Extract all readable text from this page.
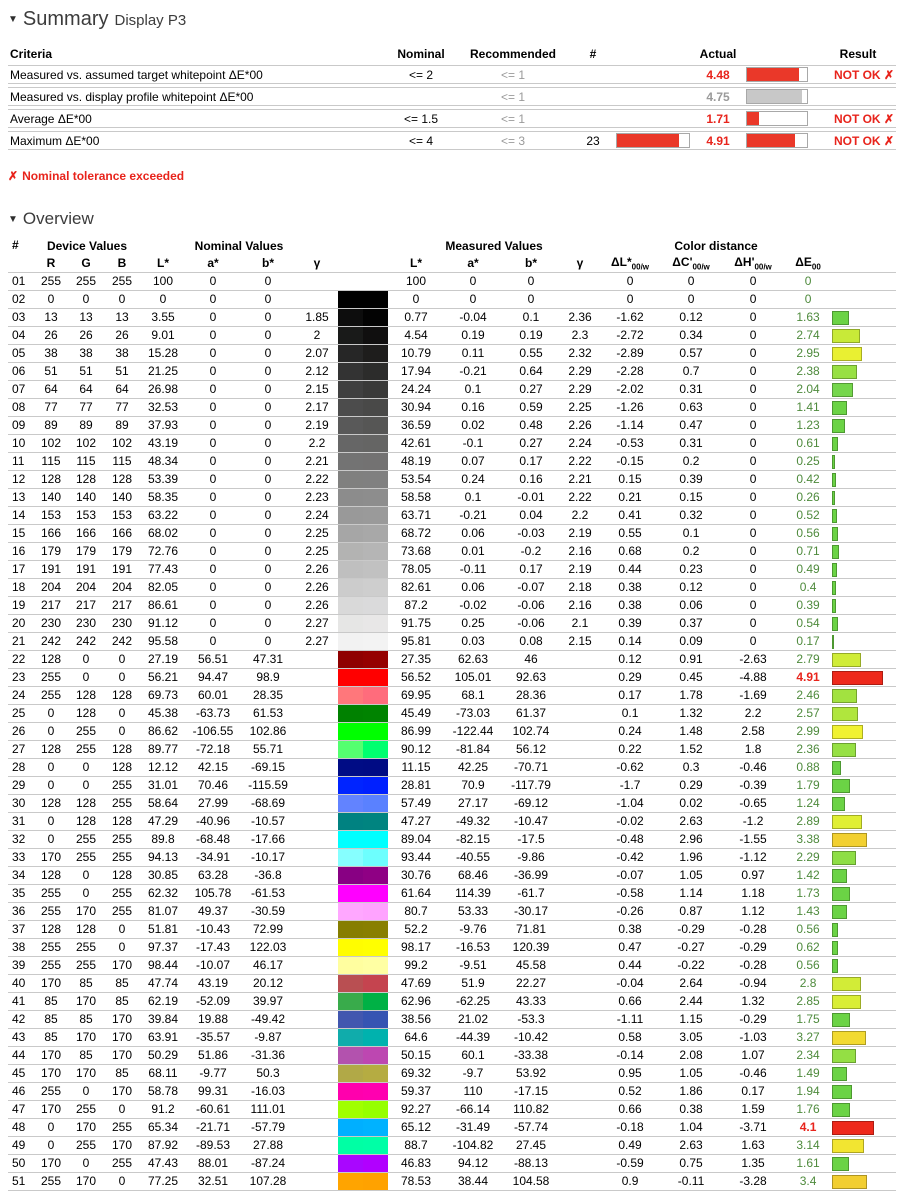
▼ Summary Display P3
Criteria	Nominal	Recommended	#		Actual		Result
Measured vs. assumed target whitepoint ΔE*00	<= 2	<= 1			4.48		NOT OK ✗
Measured vs. display profile whitepoint ΔE*00		<= 1			4.75	

Average ΔE*00	<= 1.5	<= 1			1.71		NOT OK ✗
Maximum ΔE*00	<= 4	<= 3	23		4.91		NOT OK ✗

✗ Nominal tolerance exceeded

▼ Overview
#	Device Values			Nominal Values					Measured Values				Color distance				
	R	G	B	L*	a*	b*	γ		L*	a*	b*	γ	$\Delta L*_{00/w}$	$\Delta C'_{00/w}$	$\Delta H'_{00/w}$	$\Delta E_{00}$	
01	255	255	255	100	0	0			100	0	0		0	0	0	0	
02	0	0	0	0	0	0			0	0	0		0	0	0	0	
03	13	13	13	3.55	0	0	1.85		0.77	-0.04	0.1	2.36	-1.62	0.12	0	1.63	

04	26	26	26	9.01	0	0	2		4.54	0.19	0.19	2.3	-2.72	0.34	0	2.74	

05	38	38	38	15.28	0	0	2.07		10.79	0.11	0.55	2.32	-2.89	0.57	0	2.95	

06	51	51	51	21.25	0	0	2.12		17.94	-0.21	0.64	2.29	-2.28	0.7	0	2.38	

07	64	64	64	26.98	0	0	2.15		24.24	0.1	0.27	2.29	-2.02	0.31	0	2.04	

08	77	77	77	32.53	0	0	2.17		30.94	0.16	0.59	2.25	-1.26	0.63	0	1.41	

09	89	89	89	37.93	0	0	2.19		36.59	0.02	0.48	2.26	-1.14	0.47	0	1.23	

10	102	102	102	43.19	0	0	2.2		42.61	-0.1	0.27	2.24	-0.53	0.31	0	0.61	

11	115	115	115	48.34	0	0	2.21		48.19	0.07	0.17	2.22	-0.15	0.2	0	0.25	

12	128	128	128	53.39	0	0	2.22		53.54	0.24	0.16	2.21	0.15	0.39	0	0.42	

13	140	140	140	58.35	0	0	2.23		58.58	0.1	-0.01	2.22	0.21	0.15	0	0.26	

14	153	153	153	63.22	0	0	2.24		63.71	-0.21	0.04	2.2	0.41	0.32	0	0.52	

15	166	166	166	68.02	0	0	2.25		68.72	0.06	-0.03	2.19	0.55	0.1	0	0.56	

16	179	179	179	72.76	0	0	2.25		73.68	0.01	-0.2	2.16	0.68	0.2	0	0.71	

17	191	191	191	77.43	0	0	2.26		78.05	-0.11	0.17	2.19	0.44	0.23	0	0.49	

18	204	204	204	82.05	0	0	2.26		82.61	0.06	-0.07	2.18	0.38	0.12	0	0.4	

19	217	217	217	86.61	0	0	2.26		87.2	-0.02	-0.06	2.16	0.38	0.06	0	0.39	

20	230	230	230	91.12	0	0	2.27		91.75	0.25	-0.06	2.1	0.39	0.37	0	0.54	

21	242	242	242	95.58	0	0	2.27		95.81	0.03	0.08	2.15	0.14	0.09	0	0.17	

22	128	0	0	27.19	56.51	47.31			27.35	62.63	46		0.12	0.91	-2.63	2.79	

23	255	0	0	56.21	94.47	98.9			56.52	105.01	92.63		0.29	0.45	-4.88	4.91	

24	255	128	128	69.73	60.01	28.35			69.95	68.1	28.36		0.17	1.78	-1.69	2.46	

25	0	128	0	45.38	-63.73	61.53			45.49	-73.03	61.37		0.1	1.32	2.2	2.57	

26	0	255	0	86.62	-106.55	102.86			86.99	-122.44	102.74		0.24	1.48	2.58	2.99	

27	128	255	128	89.77	-72.18	55.71			90.12	-81.84	56.12		0.22	1.52	1.8	2.36	

28	0	0	128	12.12	42.15	-69.15			11.15	42.25	-70.71		-0.62	0.3	-0.46	0.88	

29	0	0	255	31.01	70.46	-115.59			28.81	70.9	-117.79		-1.7	0.29	-0.39	1.79	

30	128	128	255	58.64	27.99	-68.69			57.49	27.17	-69.12		-1.04	0.02	-0.65	1.24	

31	0	128	128	47.29	-40.96	-10.57			47.27	-49.32	-10.47		-0.02	2.63	-1.2	2.89	

32	0	255	255	89.8	-68.48	-17.66			89.04	-82.15	-17.5		-0.48	2.96	-1.55	3.38	

33	170	255	255	94.13	-34.91	-10.17			93.44	-40.55	-9.86		-0.42	1.96	-1.12	2.29	

34	128	0	128	30.85	63.28	-36.8			30.76	68.46	-36.99		-0.07	1.05	0.97	1.42	

35	255	0	255	62.32	105.78	-61.53			61.64	114.39	-61.7		-0.58	1.14	1.18	1.73	

36	255	170	255	81.07	49.37	-30.59			80.7	53.33	-30.17		-0.26	0.87	1.12	1.43	

37	128	128	0	51.81	-10.43	72.99			52.2	-9.76	71.81		0.38	-0.29	-0.28	0.56	

38	255	255	0	97.37	-17.43	122.03			98.17	-16.53	120.39		0.47	-0.27	-0.29	0.62	

39	255	255	170	98.44	-10.07	46.17			99.2	-9.51	45.58		0.44	-0.22	-0.28	0.56	

40	170	85	85	47.74	43.19	20.12			47.69	51.9	22.27		-0.04	2.64	-0.94	2.8	

41	85	170	85	62.19	-52.09	39.97			62.96	-62.25	43.33		0.66	2.44	1.32	2.85	

42	85	85	170	39.84	19.88	-49.42			38.56	21.02	-53.3		-1.11	1.15	-0.29	1.75	

43	85	170	170	63.91	-35.57	-9.87			64.6	-44.39	-10.42		0.58	3.05	-1.03	3.27	

44	170	85	170	50.29	51.86	-31.36			50.15	60.1	-33.38		-0.14	2.08	1.07	2.34	

45	170	170	85	68.11	-9.77	50.3			69.32	-9.7	53.92		0.95	1.05	-0.46	1.49	

46	255	0	170	58.78	99.31	-16.03			59.37	110	-17.15		0.52	1.86	0.17	1.94	

47	170	255	0	91.2	-60.61	111.01			92.27	-66.14	110.82		0.66	0.38	1.59	1.76	

48	0	170	255	65.34	-21.71	-57.79			65.12	-31.49	-57.74		-0.18	1.04	-3.71	4.1	

49	0	255	170	87.92	-89.53	27.88			88.7	-104.82	27.45		0.49	2.63	1.63	3.14	

50	170	0	255	47.43	88.01	-87.24			46.83	94.12	-88.13		-0.59	0.75	1.35	1.61	

51	255	170	0	77.25	32.51	107.28			78.53	38.44	104.58		0.9	-0.11	-3.28	3.4	
